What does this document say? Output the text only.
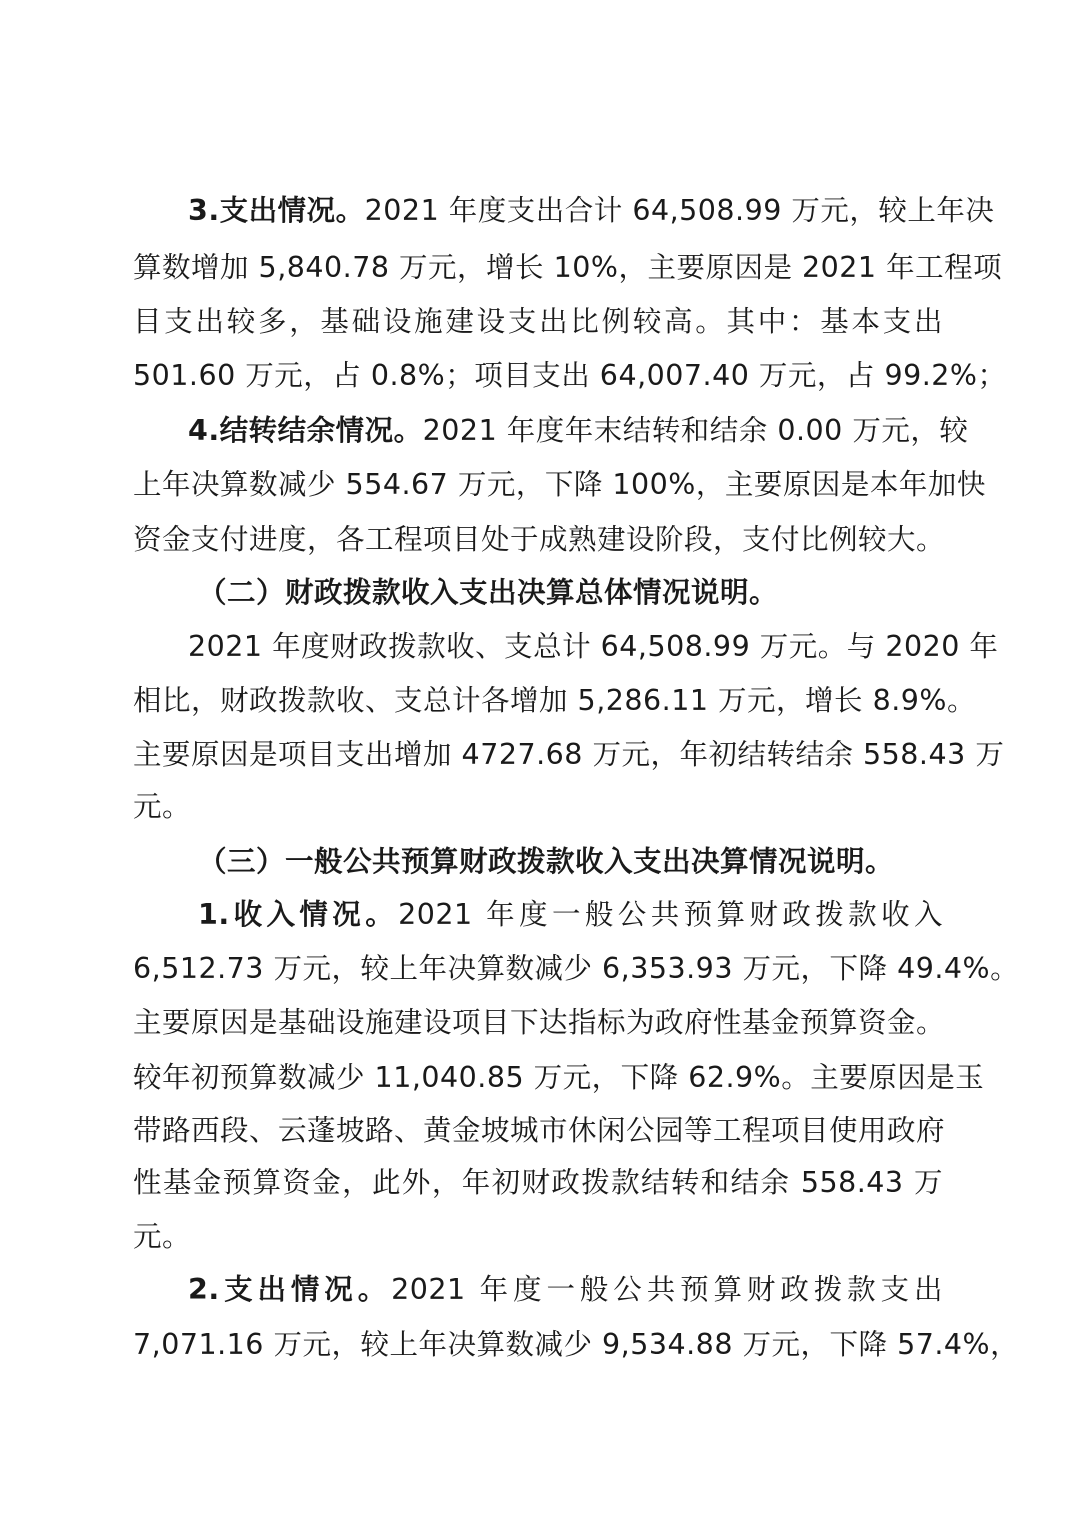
3.支出情况。2021 年度支出合计 64,508.99 万元，较上年决
算数增加 5,840.78 万元，增长 10%，主要原因是 2021 年工程项
目支出较多，基础设施建设支出比例较高。其中：基本支出
501.60 万元，占 0.8%；项目支出 64,007.40 万元，占 99.2%；
4.结转结余情况。2021 年度年末结转和结余 0.00 万元，较
上年决算数减少 554.67 万元，下降 100%，主要原因是本年加快
资金支付进度，各工程项目处于成熟建设阶段，支付比例较大。
（二）财政拨款收入支出决算总体情况说明。
2021 年度财政拨款收、支总计 64,508.99 万元。与 2020 年
相比，财政拨款收、支总计各增加 5,286.11 万元，增长 8.9%。
主要原因是项目支出增加 4727.68 万元，年初结转结余 558.43 万
元。
（三）一般公共预算财政拨款收入支出决算情况说明。
1.收入情况。2021 年度一般公共预算财政拨款收入
6,512.73 万元，较上年决算数减少 6,353.93 万元，下降 49.4%。
主要原因是基础设施建设项目下达指标为政府性基金预算资金。
较年初预算数减少 11,040.85 万元，下降 62.9%。主要原因是玉
带路西段、云蓬坡路、黄金坡城市休闲公园等工程项目使用政府
性基金预算资金，此外，年初财政拨款结转和结余 558.43 万
元。
2.支出情况。2021 年度一般公共预算财政拨款支出
7,071.16 万元，较上年决算数减少 9,534.88 万元，下降 57.4%，
